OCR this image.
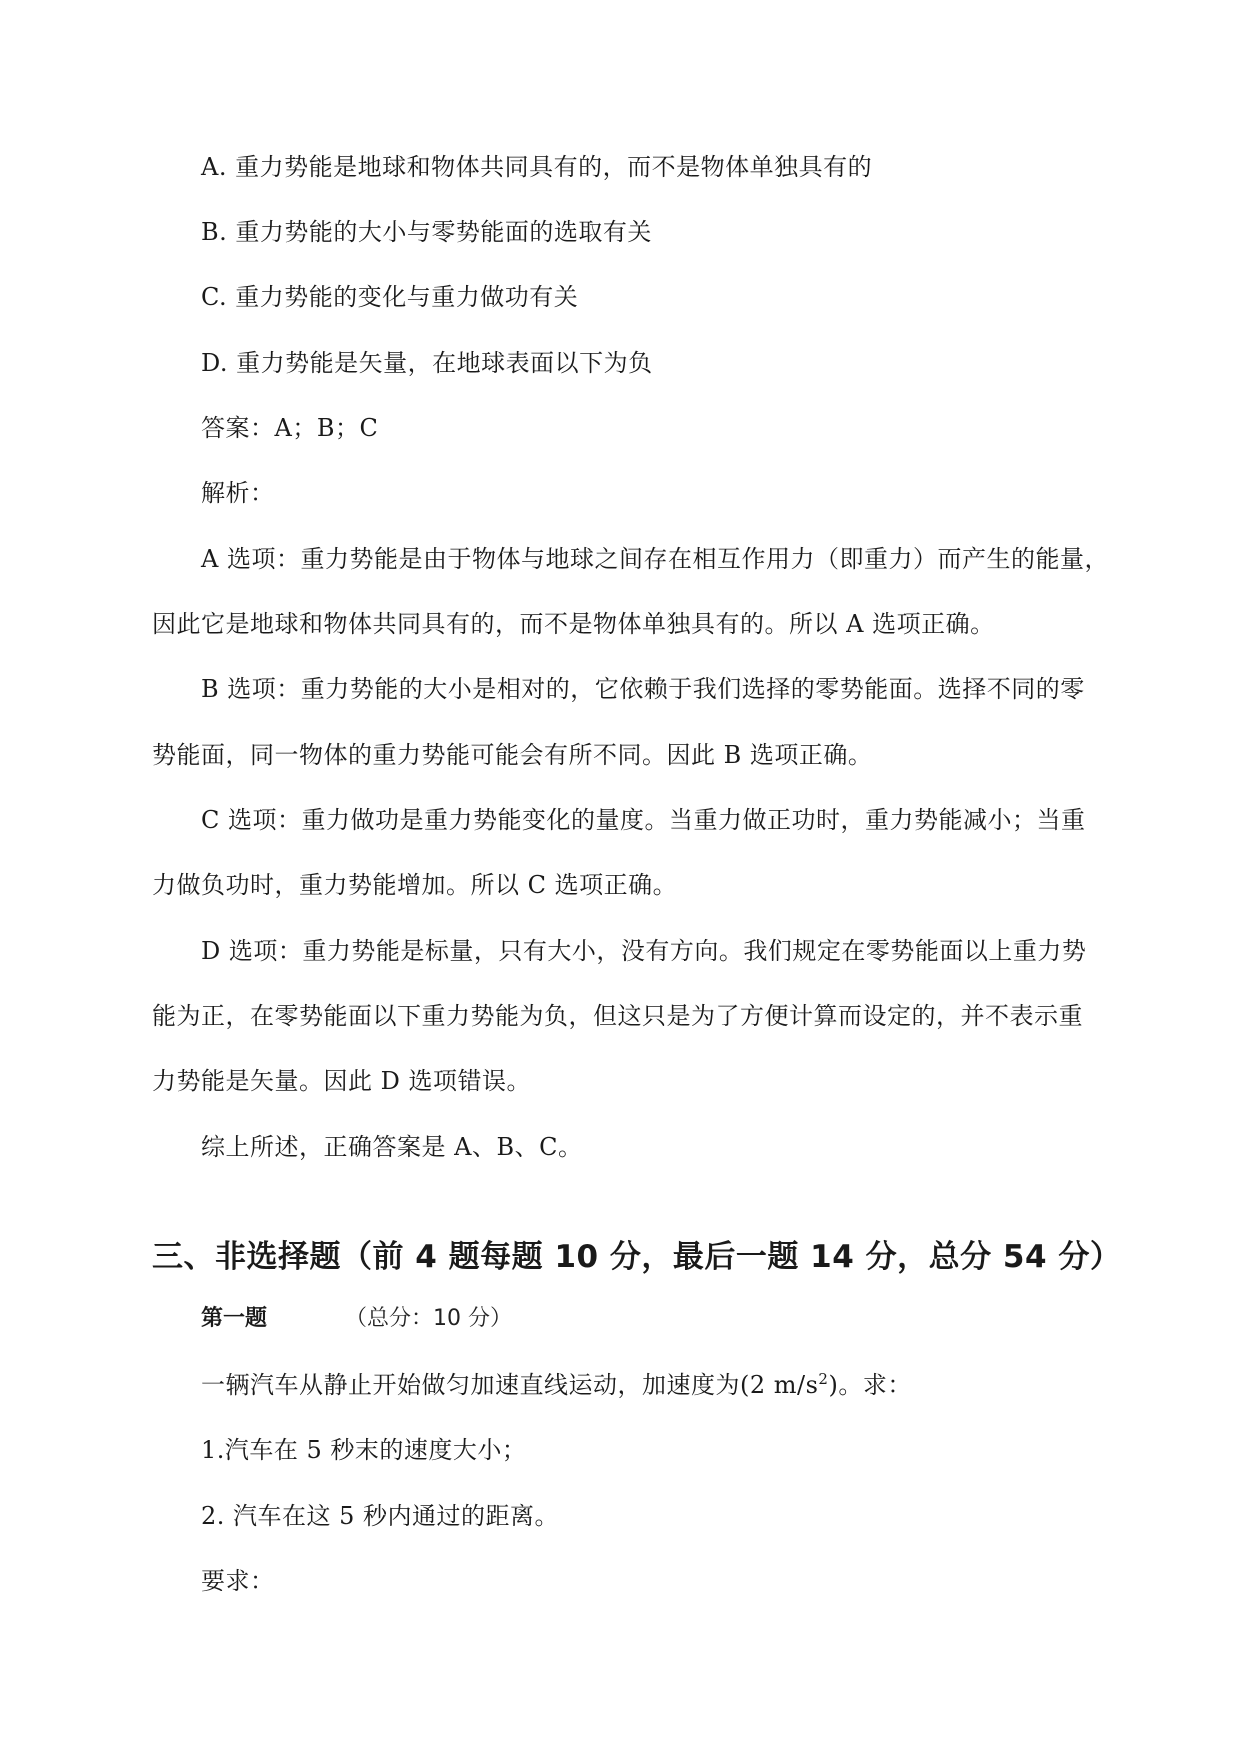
A. 重力势能是地球和物体共同具有的，而不是物体单独具有的
B. 重力势能的大小与零势能面的选取有关
C. 重力势能的变化与重力做功有关
D. 重力势能是矢量，在地球表面以下为负
答案：A；B；C
解析：
A 选项：重力势能是由于物体与地球之间存在相互作用力（即重力）而产生的能量，
因此它是地球和物体共同具有的，而不是物体单独具有的。所以 A 选项正确。
B 选项：重力势能的大小是相对的，它依赖于我们选择的零势能面。选择不同的零
势能面，同一物体的重力势能可能会有所不同。因此 B 选项正确。
C 选项：重力做功是重力势能变化的量度。当重力做正功时，重力势能减小；当重
力做负功时，重力势能增加。所以 C 选项正确。
D 选项：重力势能是标量，只有大小，没有方向。我们规定在零势能面以上重力势
能为正，在零势能面以下重力势能为负，但这只是为了方便计算而设定的，并不表示重
力势能是矢量。因此 D 选项错误。
综上所述，正确答案是 A、B、C。
三、非选择题（前 4 题每题 10 分，最后一题 14 分，总分 54 分）
第一题	（总分：10 分）
一辆汽车从静止开始做匀加速直线运动，加速度为(2 $m/s^2$)。求：
1.汽车在 5 秒末的速度大小；
2. 汽车在这 5 秒内通过的距离。
要求：
